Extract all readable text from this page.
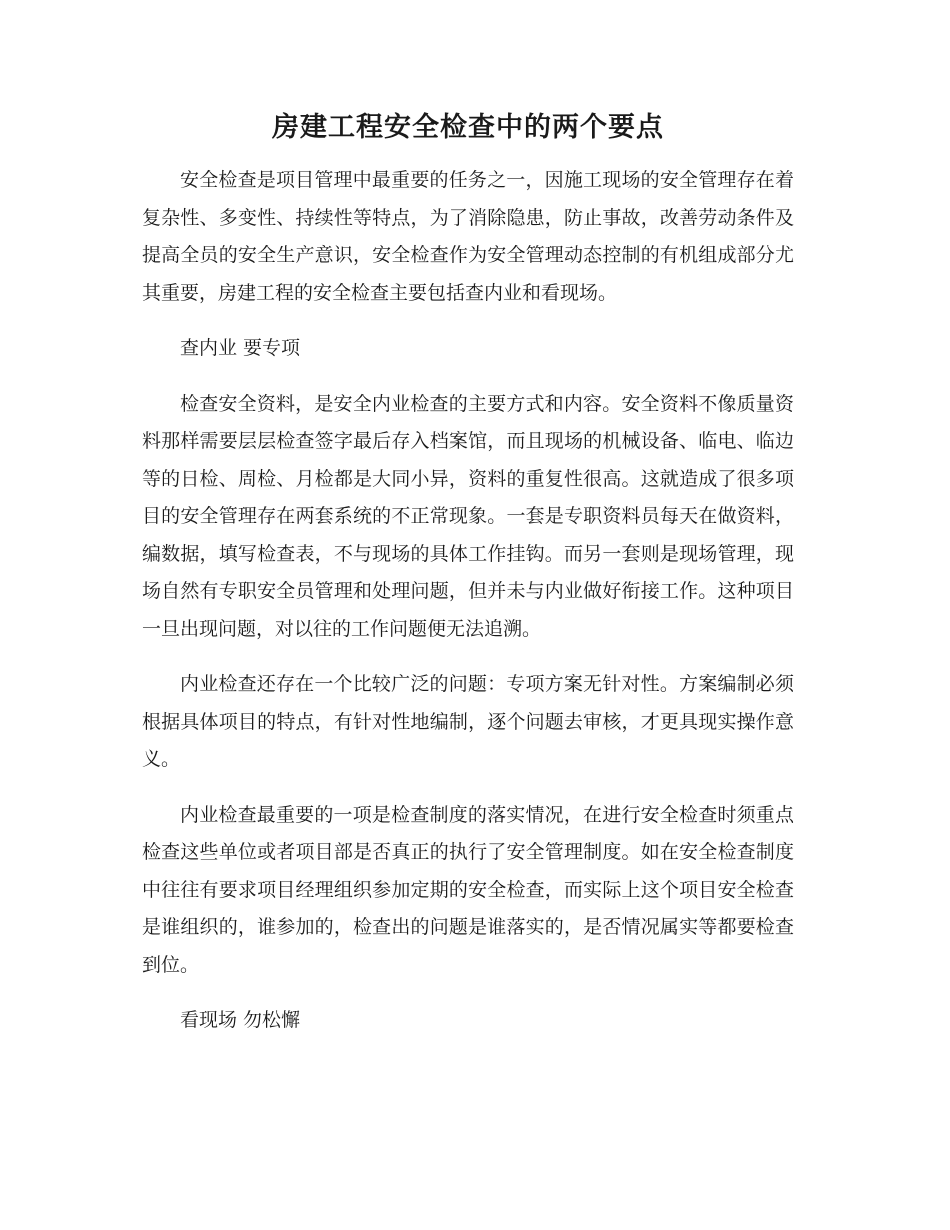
房建工程安全检查中的两个要点

安全检查是项目管理中最重要的任务之一，因施工现场的安全管理存在着复杂性、多变性、持续性等特点，为了消除隐患，防止事故，改善劳动条件及提高全员的安全生产意识，安全检查作为安全管理动态控制的有机组成部分尤其重要，房建工程的安全检查主要包括查内业和看现场。

查内业 要专项

检查安全资料，是安全内业检查的主要方式和内容。安全资料不像质量资料那样需要层层检查签字最后存入档案馆，而且现场的机械设备、临电、临边等的日检、周检、月检都是大同小异，资料的重复性很高。这就造成了很多项目的安全管理存在两套系统的不正常现象。一套是专职资料员每天在做资料，编数据，填写检查表，不与现场的具体工作挂钩。而另一套则是现场管理，现场自然有专职安全员管理和处理问题，但并未与内业做好衔接工作。这种项目一旦出现问题，对以往的工作问题便无法追溯。

内业检查还存在一个比较广泛的问题：专项方案无针对性。方案编制必须根据具体项目的特点，有针对性地编制，逐个问题去审核，才更具现实操作意义。

内业检查最重要的一项是检查制度的落实情况，在进行安全检查时须重点检查这些单位或者项目部是否真正的执行了安全管理制度。如在安全检查制度中往往有要求项目经理组织参加定期的安全检查，而实际上这个项目安全检查是谁组织的，谁参加的，检查出的问题是谁落实的，是否情况属实等都要检查到位。

看现场 勿松懈
